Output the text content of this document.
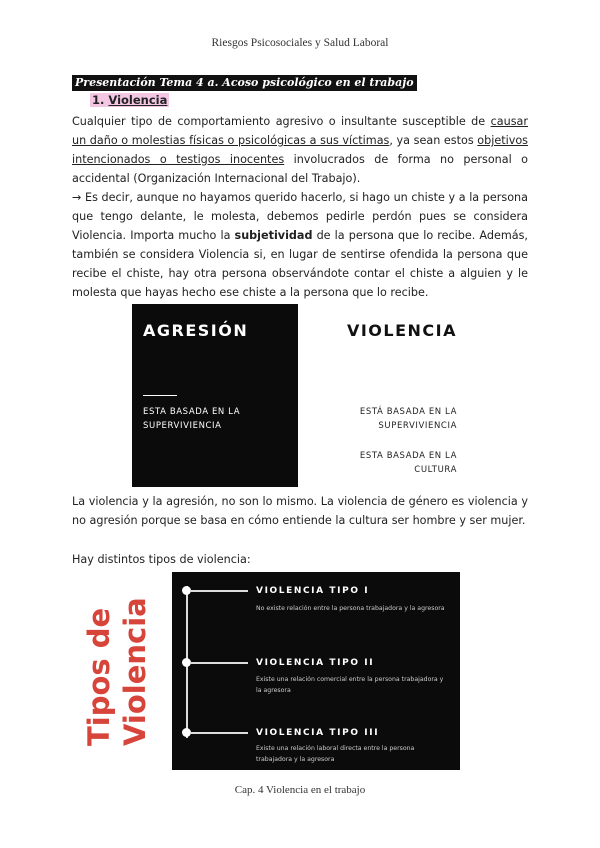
Riesgos Psicosociales y Salud Laboral
Presentación Tema 4 a. Acoso psicológico en el trabajo
1. Violencia
Cualquier tipo de comportamiento agresivo o insultante susceptible de causar un daño o molestias físicas o psicológicas a sus víctimas, ya sean estos objetivos intencionados o testigos inocentes involucrados de forma no personal o accidental (Organización Internacional del Trabajo).
→ Es decir, aunque no hayamos querido hacerlo, si hago un chiste y a la persona que tengo delante, le molesta, debemos pedirle perdón pues se considera Violencia. Importa mucho la subjetividad de la persona que lo recibe. Además, también se considera Violencia si, en lugar de sentirse ofendida la persona que recibe el chiste, hay otra persona observándote contar el chiste a alguien y le molesta que hayas hecho ese chiste a la persona que lo recibe.
AGRESIÓN
ESTA BASADA EN LA
SUPERVIVIENCIA
VIOLENCIA
ESTÁ BASADA EN LA
SUPERVIVIENCIA
ESTA BASADA EN LA
CULTURA
La violencia y la agresión, no son lo mismo. La violencia de género es violencia y no agresión porque se basa en cómo entiende la cultura ser hombre y ser mujer.
Hay distintos tipos de violencia:
Tipos de Violencia
VIOLENCIA TIPO I
No existe relación entre la persona trabajadora y la agresora
VIOLENCIA TIPO II
Existe una relación comercial entre la persona trabajadora y la agresora
VIOLENCIA TIPO III
Existe una relación laboral directa entre la persona trabajadora y la agresora
Cap. 4 Violencia en el trabajo
